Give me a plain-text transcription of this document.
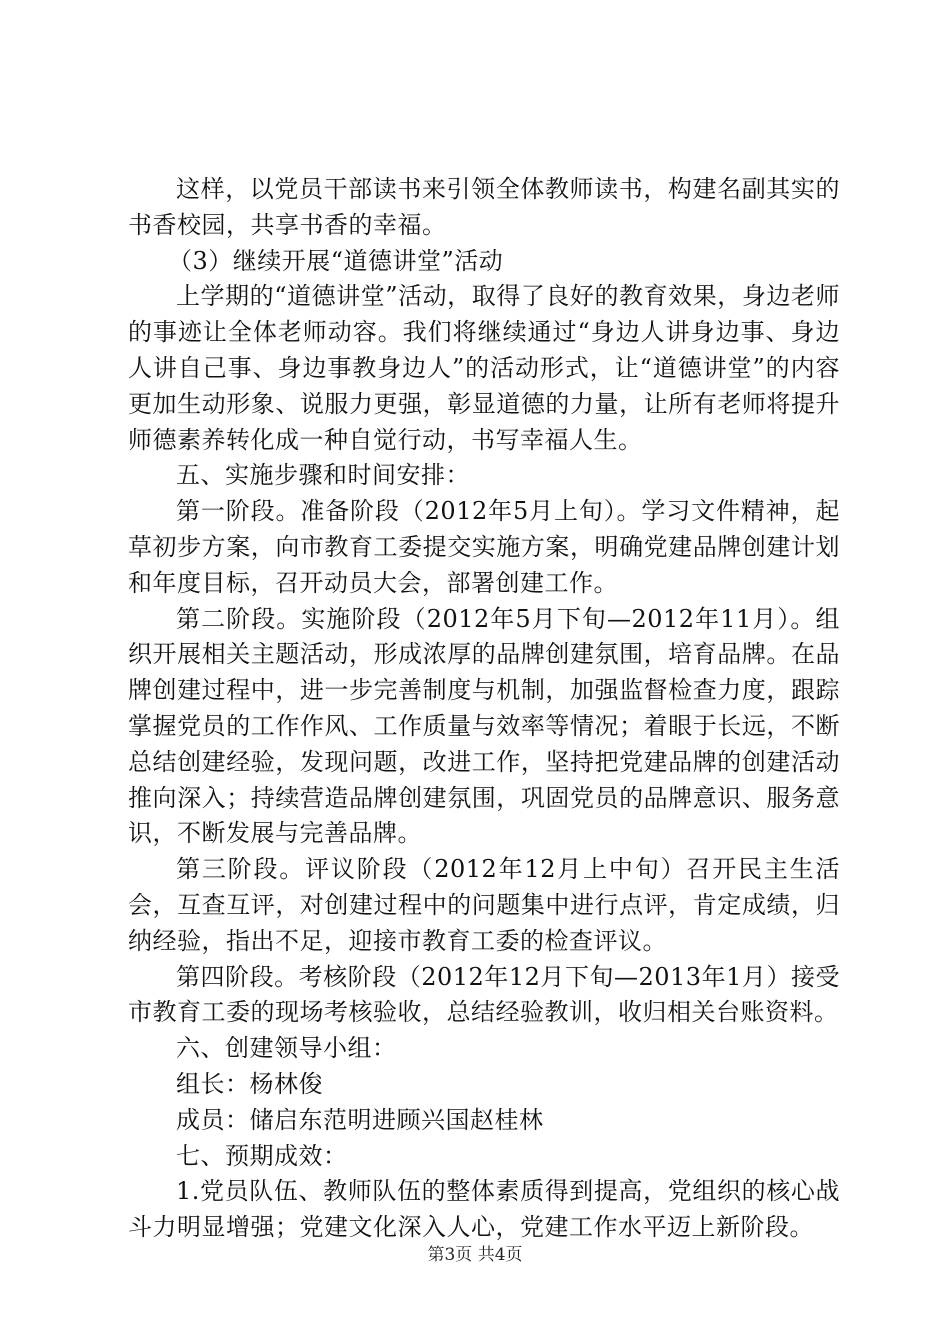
这样，以党员干部读书来引领全体教师读书，构建名副其实的书香校园，共享书香的幸福。

（3）继续开展“道德讲堂”活动

上学期的“道德讲堂”活动，取得了良好的教育效果，身边老师的事迹让全体老师动容。我们将继续通过“身边人讲身边事、身边人讲自己事、身边事教身边人”的活动形式，让“道德讲堂”的内容更加生动形象、说服力更强，彰显道德的力量，让所有老师将提升师德素养转化成一种自觉行动，书写幸福人生。

五、实施步骤和时间安排：

第一阶段。准备阶段（2012年5月上旬）。学习文件精神，起草初步方案，向市教育工委提交实施方案，明确党建品牌创建计划和年度目标，召开动员大会，部署创建工作。

第二阶段。实施阶段（2012年5月下旬—2012年11月）。组织开展相关主题活动，形成浓厚的品牌创建氛围，培育品牌。在品牌创建过程中，进一步完善制度与机制，加强监督检查力度，跟踪掌握党员的工作作风、工作质量与效率等情况；着眼于长远，不断总结创建经验，发现问题，改进工作，坚持把党建品牌的创建活动推向深入；持续营造品牌创建氛围，巩固党员的品牌意识、服务意识，不断发展与完善品牌。

第三阶段。评议阶段（2012年12月上中旬）召开民主生活会，互查互评，对创建过程中的问题集中进行点评，肯定成绩，归纳经验，指出不足，迎接市教育工委的检查评议。

第四阶段。考核阶段（2012年12月下旬—2013年1月）接受市教育工委的现场考核验收，总结经验教训，收归相关台账资料。

六、创建领导小组：

组长：杨林俊

成员：储启东范明进顾兴国赵桂林

七、预期成效：

1.党员队伍、教师队伍的整体素质得到提高，党组织的核心战斗力明显增强；党建文化深入人心，党建工作水平迈上新阶段。

第3页 共4页
